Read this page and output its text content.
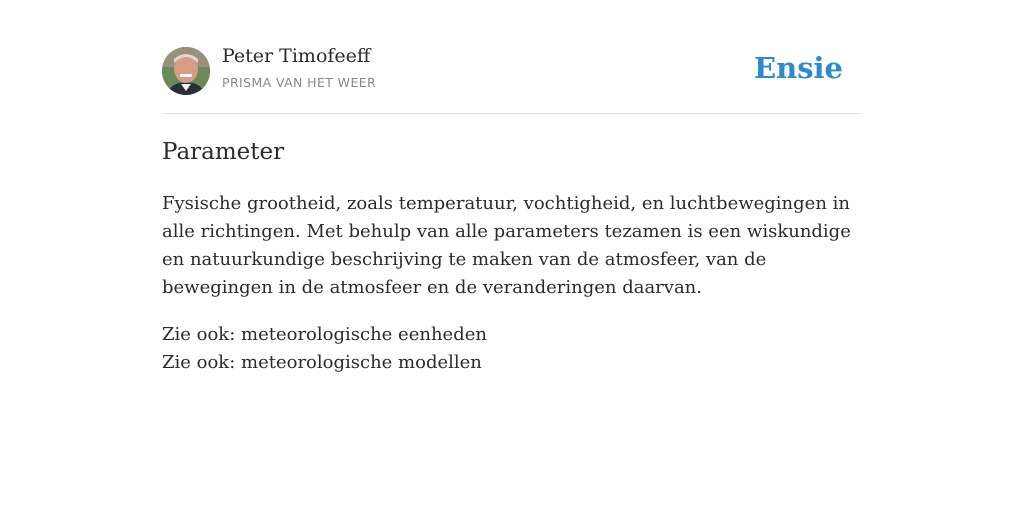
Peter Timofeeff
PRISMA VAN HET WEER	Ensie
Parameter

Fysische grootheid, zoals temperatuur, vochtigheid, en luchtbewegingen in alle richtingen. Met behulp van alle parameters tezamen is een wiskundige en natuurkundige beschrijving te maken van de atmosfeer, van de bewegingen in de atmosfeer en de veranderingen daarvan.

Zie ook: meteorologische eenheden
Zie ook: meteorologische modellen
